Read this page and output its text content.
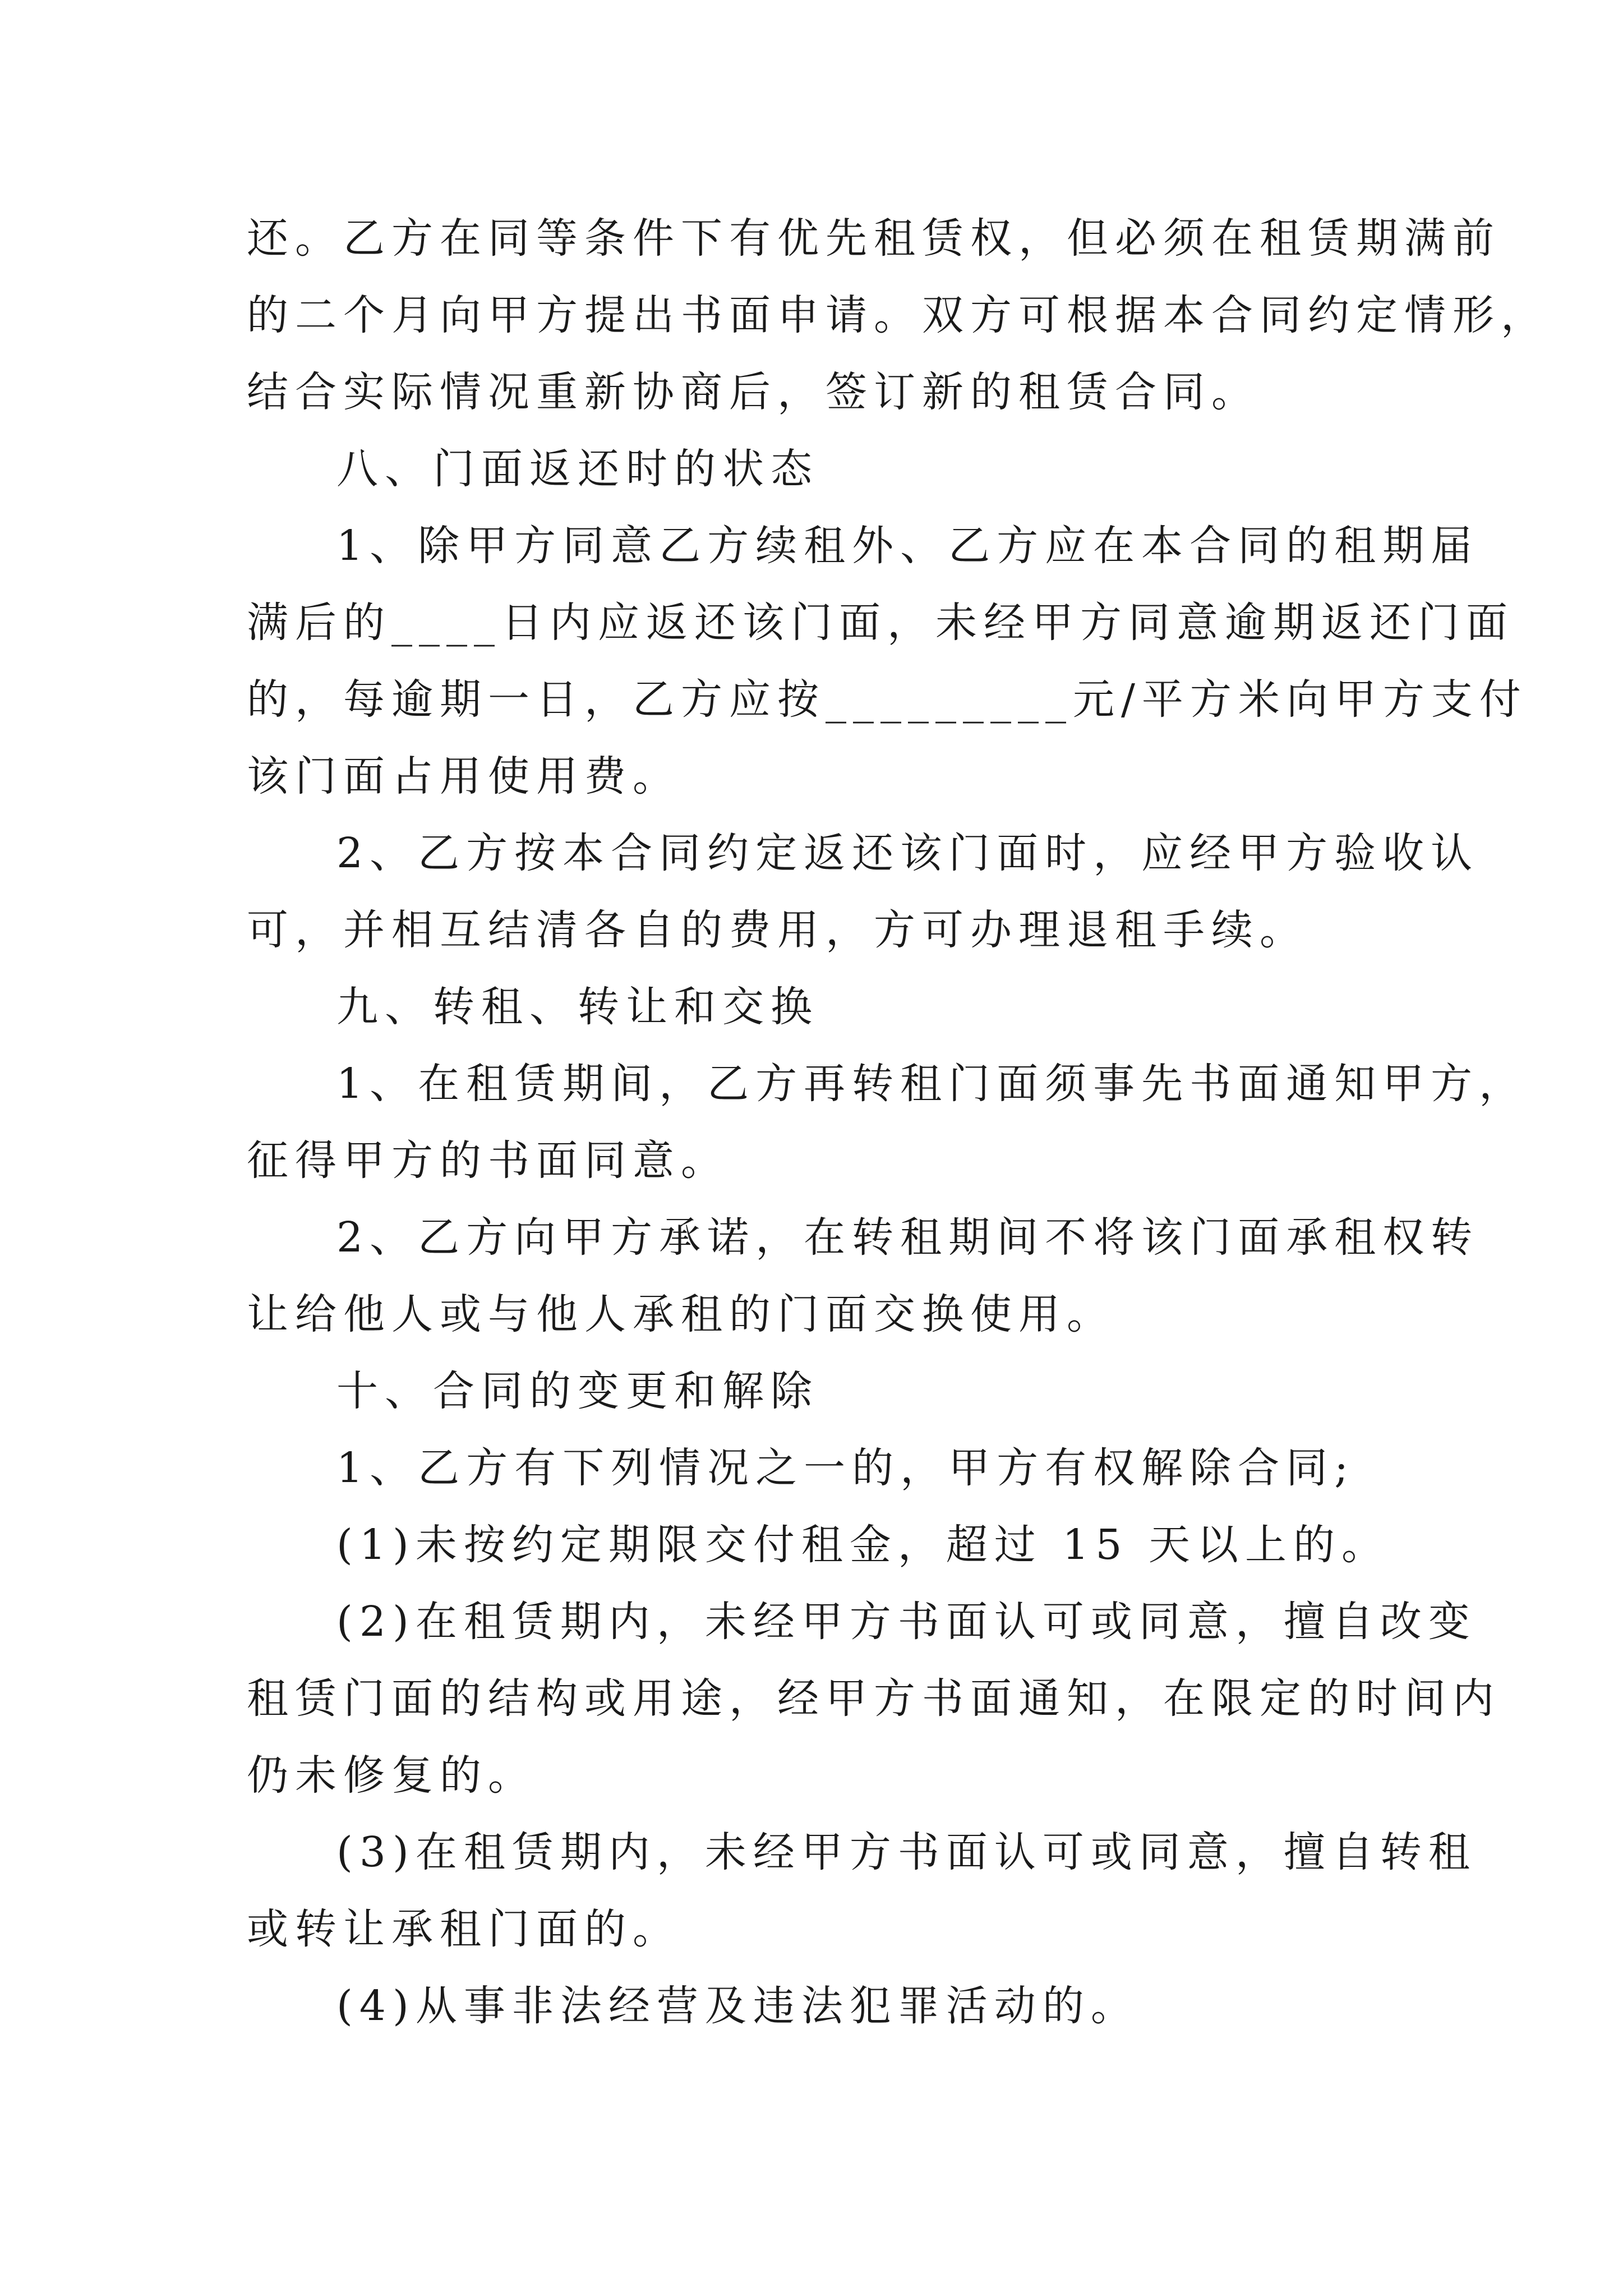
还。乙方在同等条件下有优先租赁权，但必须在租赁期满前

的二个月向甲方提出书面申请。双方可根据本合同约定情形，

结合实际情况重新协商后，签订新的租赁合同。

八、门面返还时的状态

1、除甲方同意乙方续租外、乙方应在本合同的租期届

满后的____日内应返还该门面，未经甲方同意逾期返还门面

的，每逾期一日，乙方应按_________元/平方米向甲方支付

该门面占用使用费。

2、乙方按本合同约定返还该门面时，应经甲方验收认

可，并相互结清各自的费用，方可办理退租手续。

九、转租、转让和交换

1、在租赁期间，乙方再转租门面须事先书面通知甲方，

征得甲方的书面同意。

2、乙方向甲方承诺，在转租期间不将该门面承租权转

让给他人或与他人承租的门面交换使用。

十、合同的变更和解除

1、乙方有下列情况之一的，甲方有权解除合同;

(1)未按约定期限交付租金，超过 15 天以上的。

(2)在租赁期内，未经甲方书面认可或同意，擅自改变

租赁门面的结构或用途，经甲方书面通知，在限定的时间内

仍未修复的。

(3)在租赁期内，未经甲方书面认可或同意，擅自转租

或转让承租门面的。

(4)从事非法经营及违法犯罪活动的。
